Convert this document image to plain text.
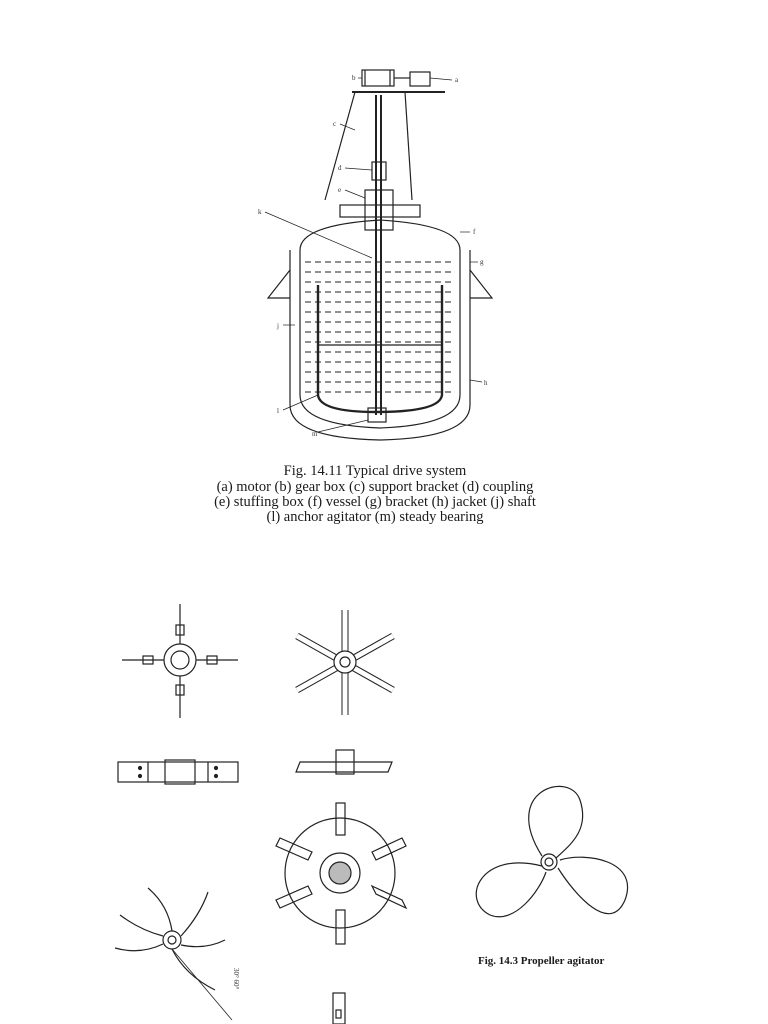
b	a
c
d
e
f
g
h
j
k
l
m
30° 60°
Fig. 14.11 Typical drive system
(a) motor (b) gear box (c) support bracket (d) coupling
(e) stuffing box (f) vessel (g) bracket (h) jacket (j) shaft
(l) anchor agitator (m) steady bearing
Fig. 14.3 Propeller agitator
